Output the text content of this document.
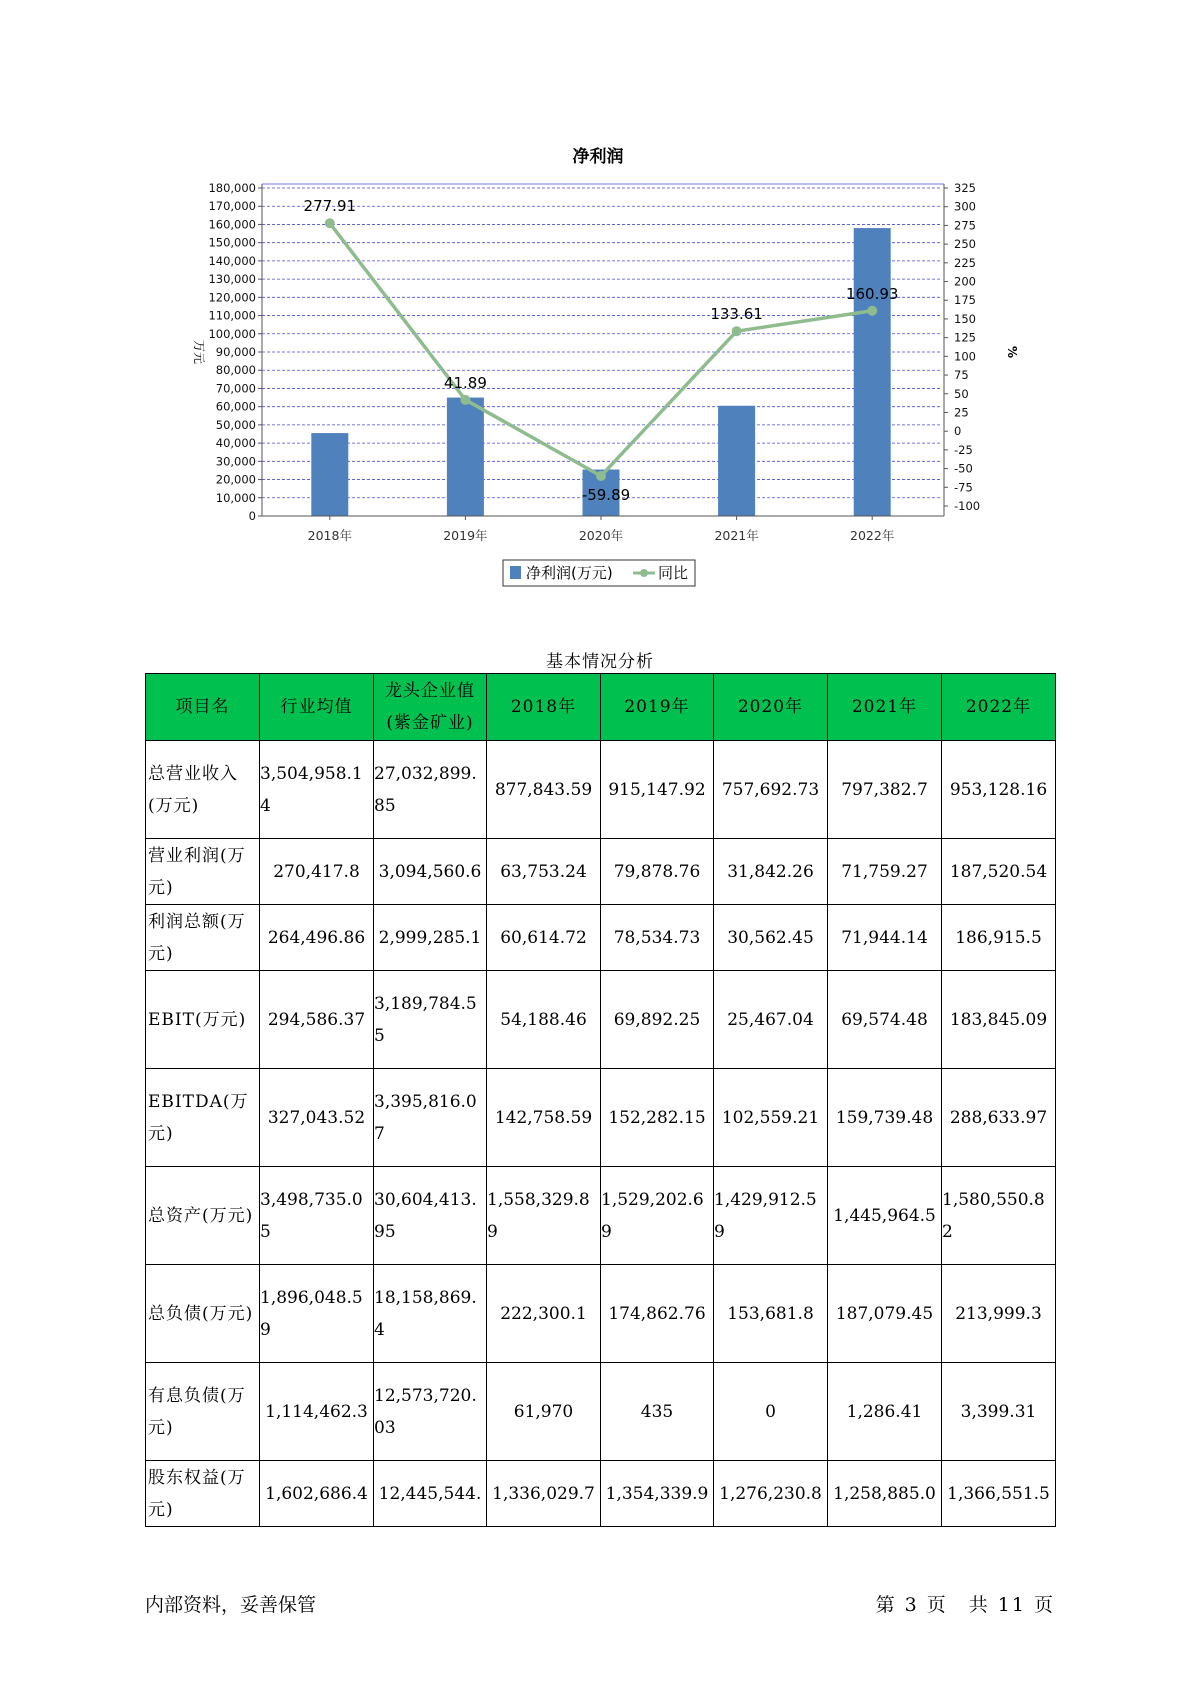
净利润
0
10,000
20,000
30,000
40,000
50,000
60,000
70,000
80,000
90,000
100,000
110,000
120,000
130,000
140,000
150,000
160,000
170,000
180,000
-100
-75
-50
-25
0
25
50
75
100
125
150
175
200
225
250
275
300
325
2018年	2019年	2020年	2021年	2022年
277.91
41.89
-59.89
133.61
160.93
万元	%
净利润(万元)	同比
基本情况分析
项目名	行业均值	龙头企业值(紫金矿业)	2018年	2019年	2020年	2021年	2022年
总营业收入(万元)	3,504,958.14	27,032,899.85	877,843.59	915,147.92	757,692.73	797,382.7	953,128.16
营业利润(万元)	270,417.8	3,094,560.6	63,753.24	79,878.76	31,842.26	71,759.27	187,520.54
利润总额(万元)	264,496.86	2,999,285.1	60,614.72	78,534.73	30,562.45	71,944.14	186,915.5
EBIT(万元)	294,586.37	3,189,784.55	54,188.46	69,892.25	25,467.04	69,574.48	183,845.09
EBITDA(万元)	327,043.52	3,395,816.07	142,758.59	152,282.15	102,559.21	159,739.48	288,633.97
总资产(万元)	3,498,735.05	30,604,413.95	1,558,329.89	1,529,202.69	1,429,912.59	1,445,964.5	1,580,550.82
总负债(万元)	1,896,048.59	18,158,869.4	222,300.1	174,862.76	153,681.8	187,079.45	213,999.3
有息负债(万元)	1,114,462.3	12,573,720.03	61,970	435	0	1,286.41	3,399.31
股东权益(万元)	1,602,686.4	12,445,544.	1,336,029.7	1,354,339.9	1,276,230.8	1,258,885.0	1,366,551.5
内部资料，妥善保管	第 3 页　共 11 页
